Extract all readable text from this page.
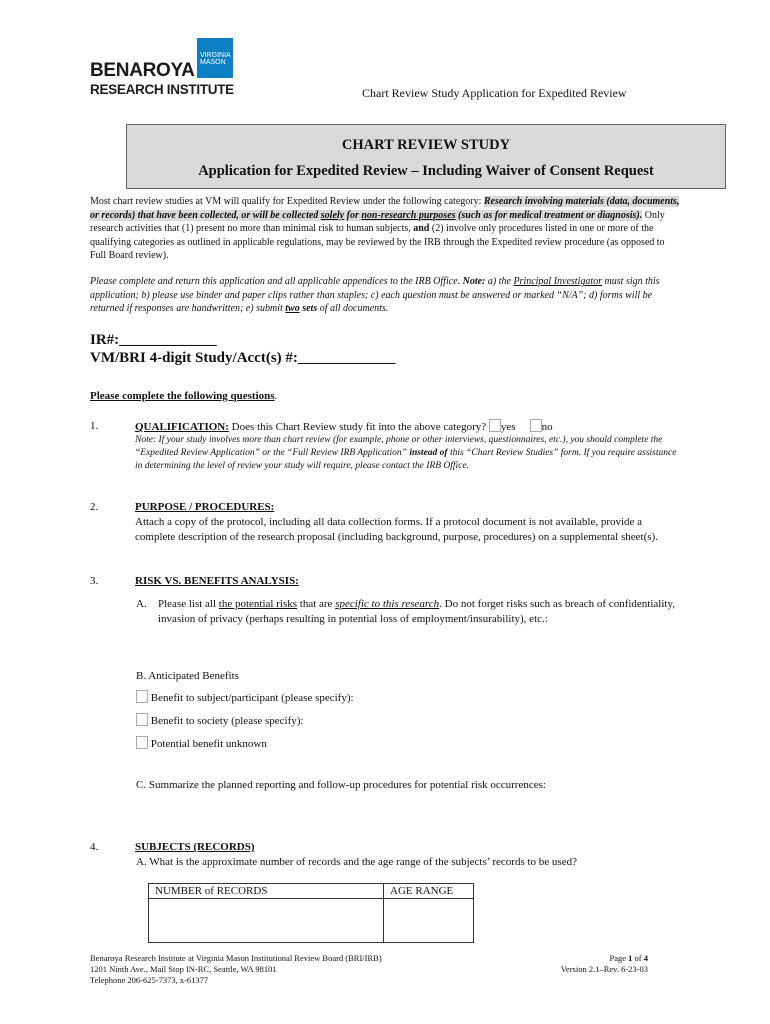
VIRGINIA
MASON
BENAROYA
RESEARCH INSTITUTE	Chart Review Study Application for Expedited Review
CHART REVIEW STUDY
Application for Expedited Review – Including Waiver of Consent Request
Most chart review studies at VM will qualify for Expedited Review under the following category: Research involving materials (data, documents, or records) that have been collected, or will be collected solely for non-research purposes (such as for medical treatment or diagnosis). Only research activities that (1) present no more than minimal risk to human subjects, and (2) involve only procedures listed in one or more of the qualifying categories as outlined in applicable regulations, may be reviewed by the IRB through the Expedited review procedure (as opposed to Full Board review).
Please complete and return this application and all applicable appendices to the IRB Office. Note: a) the Principal Investigator must sign this application; b) please use binder and paper clips rather than staples; c) each question must be answered or marked “N/A”; d) forms will be returned if responses are handwritten; e) submit two sets of all documents.
IR#:_____________
VM/BRI 4-digit Study/Acct(s) #:_____________
Please complete the following questions.
1.	QUALIFICATION: Does this Chart Review study fit into the above category? yes no
Note: If your study involves more than chart review (for example, phone or other interviews, questionnaires, etc.), you should complete the “Expedited Review Application” or the “Full Review IRB Application” instead of this “Chart Review Studies” form. If you require assistance in determining the level of review your study will require, please contact the IRB Office.
2.	PURPOSE / PROCEDURES:
Attach a copy of the protocol, including all data collection forms. If a protocol document is not available, provide a complete description of the research proposal (including background, purpose, procedures) on a supplemental sheet(s).
3.	RISK VS. BENEFITS ANALYSIS:
A. Please list all the potential risks that are specific to this research. Do not forget risks such as breach of confidentiality, invasion of privacy (perhaps resulting in potential loss of employment/insurability), etc.:
B. Anticipated Benefits
Benefit to subject/participant (please specify):
Benefit to society (please specify):
Potential benefit unknown
C. Summarize the planned reporting and follow-up procedures for potential risk occurrences:
4.	SUBJECTS (RECORDS)
A. What is the approximate number of records and the age range of the subjects’ records to be used?
NUMBER of RECORDS	AGE RANGE

Benaroya Research Institute at Virginia Mason Institutional Review Board (BRI/IRB)
1201 Ninth Ave., Mail Stop IN-RC, Seattle, WA 98101
Telephone 206-625-7373, x-61377
Page 1 of 4
Version 2.1–Rev. 6-23-03
